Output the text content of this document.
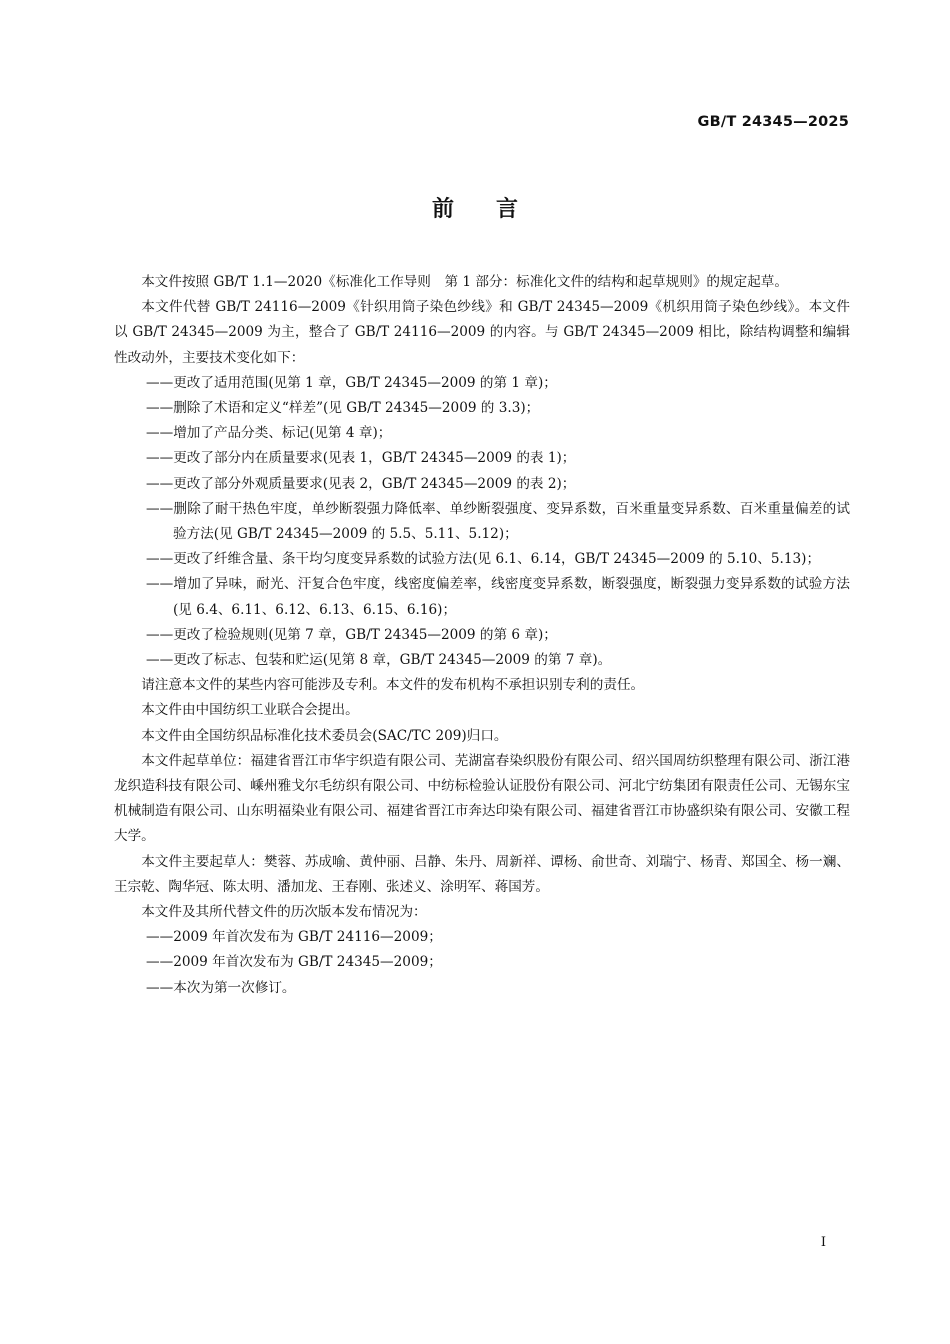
GB/T 24345—2025
前言

本文件按照 GB/T 1.1—2020《标准化工作导则　第 1 部分：标准化文件的结构和起草规则》的规定起草。

本文件代替 GB/T 24116—2009《针织用筒子染色纱线》和 GB/T 24345—2009《机织用筒子染色纱线》。本文件以 GB/T 24345—2009 为主，整合了 GB/T 24116—2009 的内容。与 GB/T 24345—2009 相比，除结构调整和编辑性改动外，主要技术变化如下：

——更改了适用范围(见第 1 章，GB/T 24345—2009 的第 1 章)；

——删除了术语和定义“样差”(见 GB/T 24345—2009 的 3.3)；

——增加了产品分类、标记(见第 4 章)；

——更改了部分内在质量要求(见表 1，GB/T 24345—2009 的表 1)；

——更改了部分外观质量要求(见表 2，GB/T 24345—2009 的表 2)；

——删除了耐干热色牢度，单纱断裂强力降低率、单纱断裂强度、变异系数，百米重量变异系数、百米重量偏差的试验方法(见 GB/T 24345—2009 的 5.5、5.11、5.12)；

——更改了纤维含量、条干均匀度变异系数的试验方法(见 6.1、6.14，GB/T 24345—2009 的 5.10、5.13)；

——增加了异味，耐光、汗复合色牢度，线密度偏差率，线密度变异系数，断裂强度，断裂强力变异系数的试验方法(见 6.4、6.11、6.12、6.13、6.15、6.16)；

——更改了检验规则(见第 7 章，GB/T 24345—2009 的第 6 章)；

——更改了标志、包装和贮运(见第 8 章，GB/T 24345—2009 的第 7 章)。

请注意本文件的某些内容可能涉及专利。本文件的发布机构不承担识别专利的责任。

本文件由中国纺织工业联合会提出。

本文件由全国纺织品标准化技术委员会(SAC/TC 209)归口。

本文件起草单位：福建省晋江市华宇织造有限公司、芜湖富春染织股份有限公司、绍兴国周纺织整理有限公司、浙江港龙织造科技有限公司、嵊州雅戈尔毛纺织有限公司、中纺标检验认证股份有限公司、河北宁纺集团有限责任公司、无锡东宝机械制造有限公司、山东明福染业有限公司、福建省晋江市奔达印染有限公司、福建省晋江市协盛织染有限公司、安徽工程大学。

本文件主要起草人：樊蓉、苏成喻、黄仲丽、吕静、朱丹、周新祥、谭杨、俞世奇、刘瑞宁、杨青、郑国全、杨一斓、王宗乾、陶华冠、陈太明、潘加龙、王春刚、张述义、涂明军、蒋国芳。

本文件及其所代替文件的历次版本发布情况为：

——2009 年首次发布为 GB/T 24116—2009；

——2009 年首次发布为 GB/T 24345—2009；

——本次为第一次修订。

I
